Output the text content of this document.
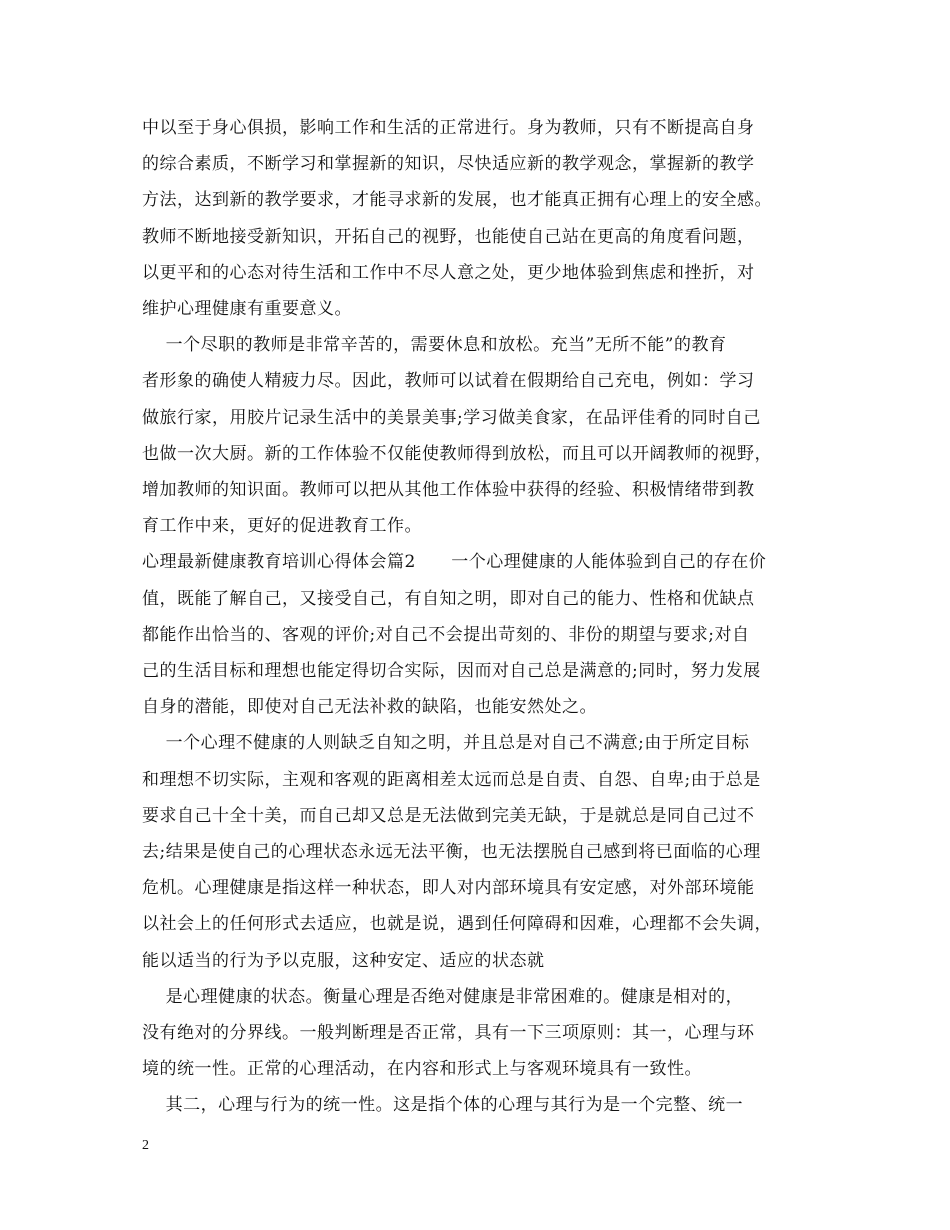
中以至于身心俱损，影响工作和生活的正常进行。身为教师，只有不断提高自身
的综合素质，不断学习和掌握新的知识，尽快适应新的教学观念，掌握新的教学
方法，达到新的教学要求，才能寻求新的发展，也才能真正拥有心理上的安全感。
教师不断地接受新知识，开拓自己的视野，也能使自己站在更高的角度看问题，
以更平和的心态对待生活和工作中不尽人意之处，更少地体验到焦虑和挫折，对
维护心理健康有重要意义。
一个尽职的教师是非常辛苦的，需要休息和放松。充当”无所不能”的教育
者形象的确使人精疲力尽。因此，教师可以试着在假期给自己充电，例如：学习
做旅行家，用胶片记录生活中的美景美事;学习做美食家，在品评佳肴的同时自己
也做一次大厨。新的工作体验不仅能使教师得到放松，而且可以开阔教师的视野，
增加教师的知识面。教师可以把从其他工作体验中获得的经验、积极情绪带到教
育工作中来，更好的促进教育工作。
心理最新健康教育培训心得体会篇2      一个心理健康的人能体验到自己的存在价
值，既能了解自己，又接受自己，有自知之明，即对自己的能力、性格和优缺点
都能作出恰当的、客观的评价;对自己不会提出苛刻的、非份的期望与要求;对自
己的生活目标和理想也能定得切合实际，因而对自己总是满意的;同时，努力发展
自身的潜能，即使对自己无法补救的缺陷，也能安然处之。
一个心理不健康的人则缺乏自知之明，并且总是对自己不满意;由于所定目标
和理想不切实际，主观和客观的距离相差太远而总是自责、自怨、自卑;由于总是
要求自己十全十美，而自己却又总是无法做到完美无缺，于是就总是同自己过不
去;结果是使自己的心理状态永远无法平衡，也无法摆脱自己感到将已面临的心理
危机。心理健康是指这样一种状态，即人对内部环境具有安定感，对外部环境能
以社会上的任何形式去适应，也就是说，遇到任何障碍和因难，心理都不会失调，
能以适当的行为予以克服，这种安定、适应的状态就
是心理健康的状态。衡量心理是否绝对健康是非常困难的。健康是相对的，
没有绝对的分界线。一般判断理是否正常，具有一下三项原则：其一，心理与环
境的统一性。正常的心理活动，在内容和形式上与客观环境具有一致性。
其二，心理与行为的统一性。这是指个体的心理与其行为是一个完整、统一
2
